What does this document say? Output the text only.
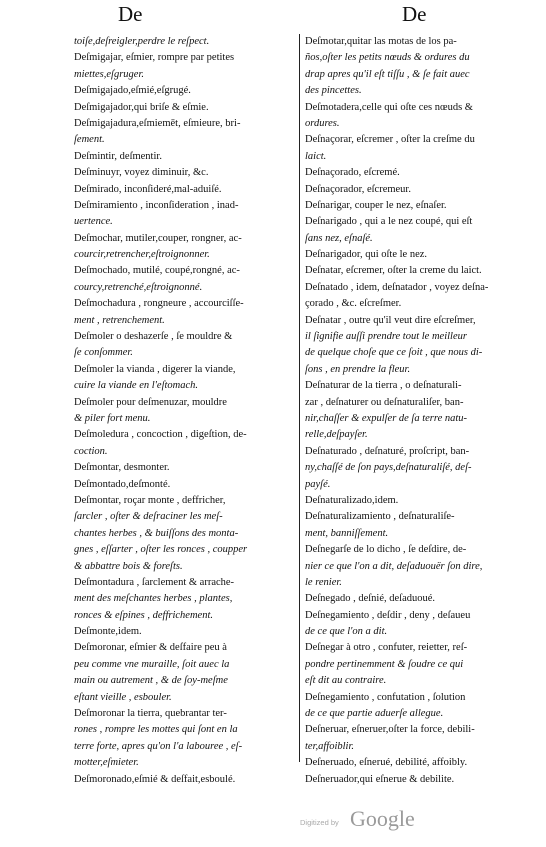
De	De
toiſe,deſreigler,perdre le reſpect.
Deſmigajar, eſmier, rompre par petites
miettes,eſgruger.
Deſmigajado,eſmié,eſgrugé.
Deſmigajador,qui briſe & eſmie.
Deſmigajadura,eſmiemēt, eſmieure, bri-
ſement.
Deſmintir, deſmentir.
Deſminuyr, voyez diminuir, &c.
Deſmirado, inconſideré,mal-aduiſé.
Deſmiramiento , inconſideration , inad-
uertence.
Deſmochar, mutiler,couper, rongner, ac-
courcir,retrencher,eſtroignonner.
Deſmochado, mutilé, coupé,rongné, ac-
courcy,retrenché,eſtroignonné.
Deſmochadura , rongneure , accourciſſe-
ment , retrenchement.
Deſmoler o deshazerſe , ſe mouldre &
ſe conſommer.
Deſmoler la vianda , digerer la viande,
cuire la viande en l'eſtomach.
Deſmoler pour deſmenuzar, mouldre
& piler fort menu.
Deſmoledura , concoction , digeſtion, de-
coction.
Deſmontar, desmonter.
Deſmontado,deſmonté.
Deſmontar, roçar monte , deffricher,
ſarcler , oſter & deſraciner les meſ-
chantes herbes , & buiſſons des monta-
gnes , eſſarter , oſter les ronces , coupper
& abbattre bois & foreſts.
Deſmontadura , ſarclement & arrache-
ment des meſchantes herbes , plantes,
ronces & eſpines , deffrichement.
Deſmonte,idem.
Deſmoronar, eſmier & deſfaire peu à
peu comme vne muraille, ſoit auec la
main ou autrement , & de ſoy-meſme
eſtant vieille , esbouler.
Deſmoronar la tierra, quebrantar ter-
rones , rompre les mottes qui ſont en la
terre forte, apres qu'on l'a labouree , eſ-
motter,eſmieter.
Deſmoronado,eſmié & deſfait,esboulé.
Deſmotar,quitar las motas de los pa-
ños,oſter les petits nœuds & ordures du
drap apres qu'il eſt tiſſu , & ſe fait auec
des pincettes.
Deſmotadera,celle qui oſte ces nœuds &
ordures.
Deſnaçorar, eſcremer , oſter la creſme du
laict.
Deſnaçorado, eſcremé.
Deſnaçorador, eſcremeur.
Deſnarigar, couper le nez, eſnaſer.
Deſnarigado , qui a le nez coupé, qui eſt
ſans nez, eſnaſé.
Deſnarigador, qui oſte le nez.
Deſnatar, eſcremer, oſter la creme du laict.
Deſnatado , idem, deſnatador , voyez deſna-
çorado , &c. eſcreſmer.
Deſnatar , outre qu'il veut dire eſcreſmer,
il ſignifie auſſi prendre tout le meilleur
de quelque choſe que ce ſoit , que nous di-
ſons , en prendre la fleur.
Deſnaturar de la tierra , o deſnaturali-
zar , deſnaturer ou deſnaturaliſer, ban-
nir,chaſſer & expulſer de ſa terre natu-
relle,deſpayſer.
Deſnaturado , deſnaturé, proſcript, ban-
ny,chaſſé de ſon pays,deſnaturaliſé, deſ-
payſé.
Deſnaturalizado,idem.
Deſnaturalizamiento , deſnaturaliſe-
ment, banniſſement.
Deſnegarſe de lo dicho , ſe deſdire, de-
nier ce que l'on a dit, deſaduouër ſon dire,
le renier.
Deſnegado , deſnié, deſaduoué.
Deſnegamiento , deſdir , deny , deſaueu
de ce que l'on a dit.
Deſnegar à otro , confuter, reietter, reſ-
pondre pertinemment & ſoudre ce qui
eſt dit au contraire.
Deſnegamiento , confutation , ſolution
de ce que partie aduerſe allegue.
Deſneruar, eſneruer,oſter la force, debili-
ter,affoiblir.
Deſneruado, eſnerué, debilité, affoibly.
Deſneruador,qui eſnerue & debilite.
Digitized by Google
